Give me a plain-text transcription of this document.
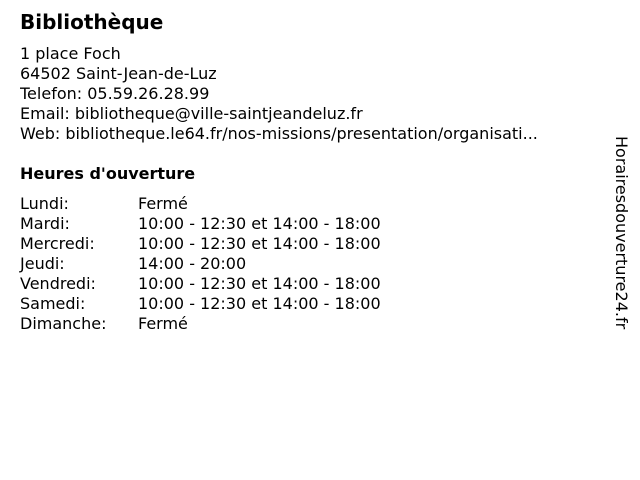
Bibliothèque
1 place Foch
64502 Saint-Jean-de-Luz
Telefon: 05.59.26.28.99
Email: bibliotheque@ville-saintjeandeluz.fr
Web: bibliotheque.le64.fr/nos-missions/presentation/organisati...
Heures d'ouverture
Lundi:	Fermé
Mardi:	10:00 - 12:30 et 14:00 - 18:00
Mercredi:	10:00 - 12:30 et 14:00 - 18:00
Jeudi:	14:00 - 20:00
Vendredi:	10:00 - 12:30 et 14:00 - 18:00
Samedi:	10:00 - 12:30 et 14:00 - 18:00
Dimanche:	Fermé	Horairesdouverture24.fr
